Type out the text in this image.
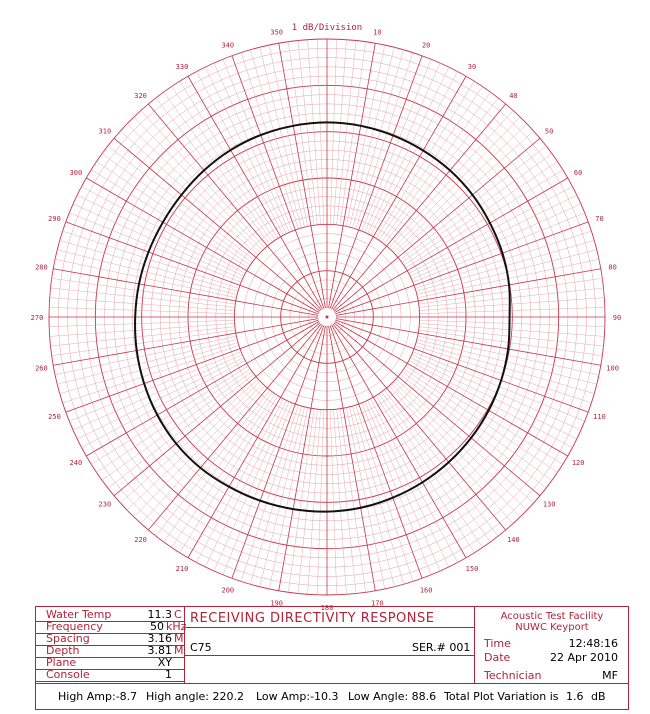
10
20
30
40
50
60
70
80
90
100
110
120
130
140
150
160
170
180
190
200
210
220
230
240
250
260
270
280
290
300
310
320
330
340
350 1 dB/Division
Water Temp	11.3 C
Frequency	50 kHz
Spacing	3.16 M
Depth	3.81 M
Plane	XY
Console	1
RECEIVING DIRECTIVITY RESPONSE
C75	SER.# 001
Acoustic Test Facility
NUWC Keyport
Time	12:48:16
Date	22 Apr 2010
Technician	MF
High Amp:-8.7 High angle: 220.2 Low Amp:-10.3 Low Angle: 88.6 Total Plot Variation is 1.6 dB
